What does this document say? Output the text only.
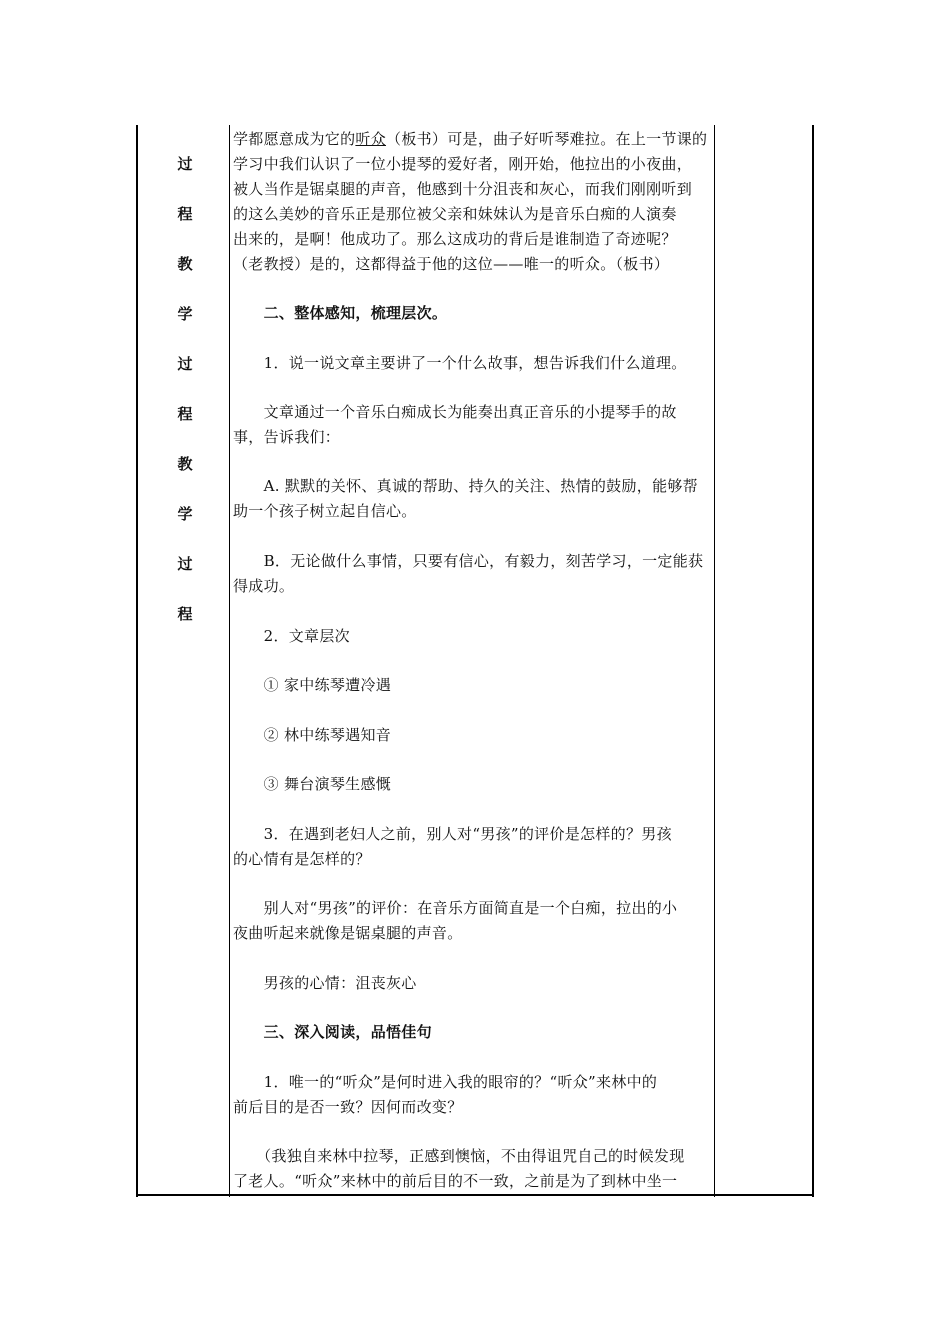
过
程
教
学
过
程
教
学
过
程

学都愿意成为它的听众（板书）可是，曲子好听琴难拉。在上一节课的

学习中我们认识了一位小提琴的爱好者，刚开始，他拉出的小夜曲，

被人当作是锯桌腿的声音，他感到十分沮丧和灰心，而我们刚刚听到

的这么美妙的音乐正是那位被父亲和妹妹认为是音乐白痴的人演奏

出来的，是啊！他成功了。那么这成功的背后是谁制造了奇迹呢？

（老教授）是的，这都得益于他的这位——唯一的听众。（板书）

　　二、整体感知，梳理层次。

　　1．说一说文章主要讲了一个什么故事，想告诉我们什么道理。

　　文章通过一个音乐白痴成长为能奏出真正音乐的小提琴手的故

事，告诉我们：

　　A. 默默的关怀、真诚的帮助、持久的关注、热情的鼓励，能够帮

助一个孩子树立起自信心。

　　B．无论做什么事情，只要有信心，有毅力，刻苦学习，一定能获

得成功。

　　2．文章层次

　　① 家中练琴遭冷遇

　　② 林中练琴遇知音

　　③ 舞台演琴生感慨

　　3．在遇到老妇人之前，别人对“男孩”的评价是怎样的？男孩

的心情有是怎样的？

　　别人对“男孩”的评价：在音乐方面简直是一个白痴，拉出的小

夜曲听起来就像是锯桌腿的声音。

　　男孩的心情：沮丧灰心

　　三、深入阅读，品悟佳句

　　1．唯一的“听众”是何时进入我的眼帘的？“听众”来林中的

前后目的是否一致？因何而改变？

　　（我独自来林中拉琴，正感到懊恼，不由得诅咒自己的时候发现

了老人。“听众”来林中的前后目的不一致，之前是为了到林中坐一
